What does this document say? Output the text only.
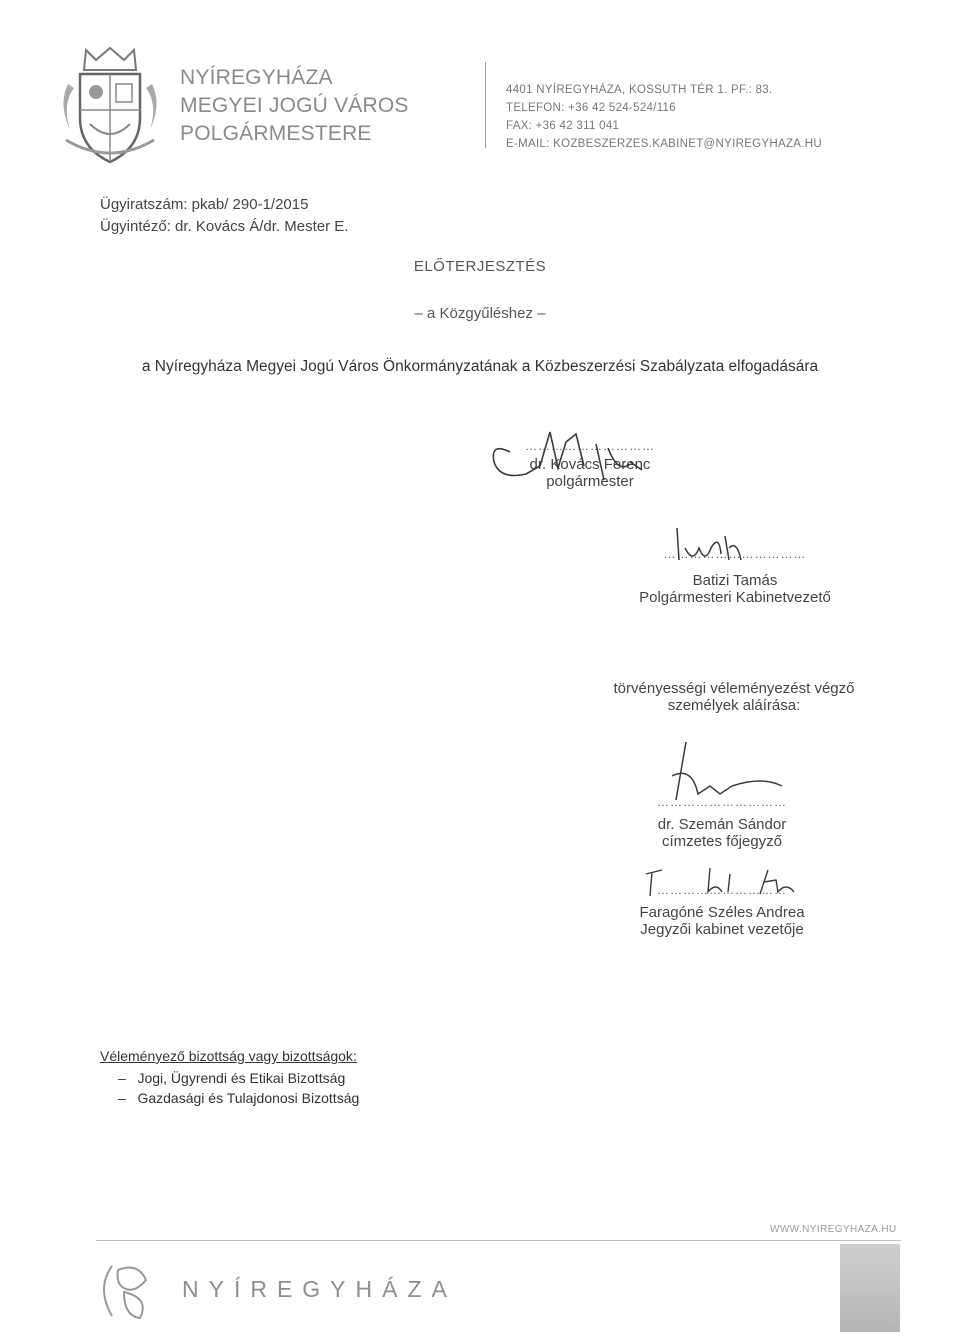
NYÍREGYHÁZA
MEGYEI JOGÚ VÁROS
POLGÁRMESTERE
4401 NYÍREGYHÁZA, KOSSUTH TÉR 1. PF.: 83.
TELEFON: +36 42 524-524/116
FAX: +36 42 311 041
E-MAIL: KOZBESZERZES.KABINET@NYIREGYHAZA.HU
Ügyiratszám: pkab/ 290-1/2015
Ügyintéző: dr. Kovács Á/dr. Mester E.
ELŐTERJESZTÉS
– a Közgyűléshez –
a Nyíregyháza Megyei Jogú Város Önkormányzatának a Közbeszerzési Szabályzata elfogadására
…………………………
dr. Kovács Ferenc
polgármester
……………………………
Batizi Tamás
Polgármesteri Kabinetvezető
törvényességi véleményezést végző
személyek aláírása:
…………………………
dr. Szemán Sándor
címzetes főjegyző
…………………………
Faragóné Széles Andrea
Jegyzői kabinet vezetője
Véleményező bizottság vagy bizottságok:
–   Jogi, Ügyrendi és Etikai Bizottság
–   Gazdasági és Tulajdonosi Bizottság
WWW.NYIREGYHAZA.HU
NYÍREGYHÁZA
